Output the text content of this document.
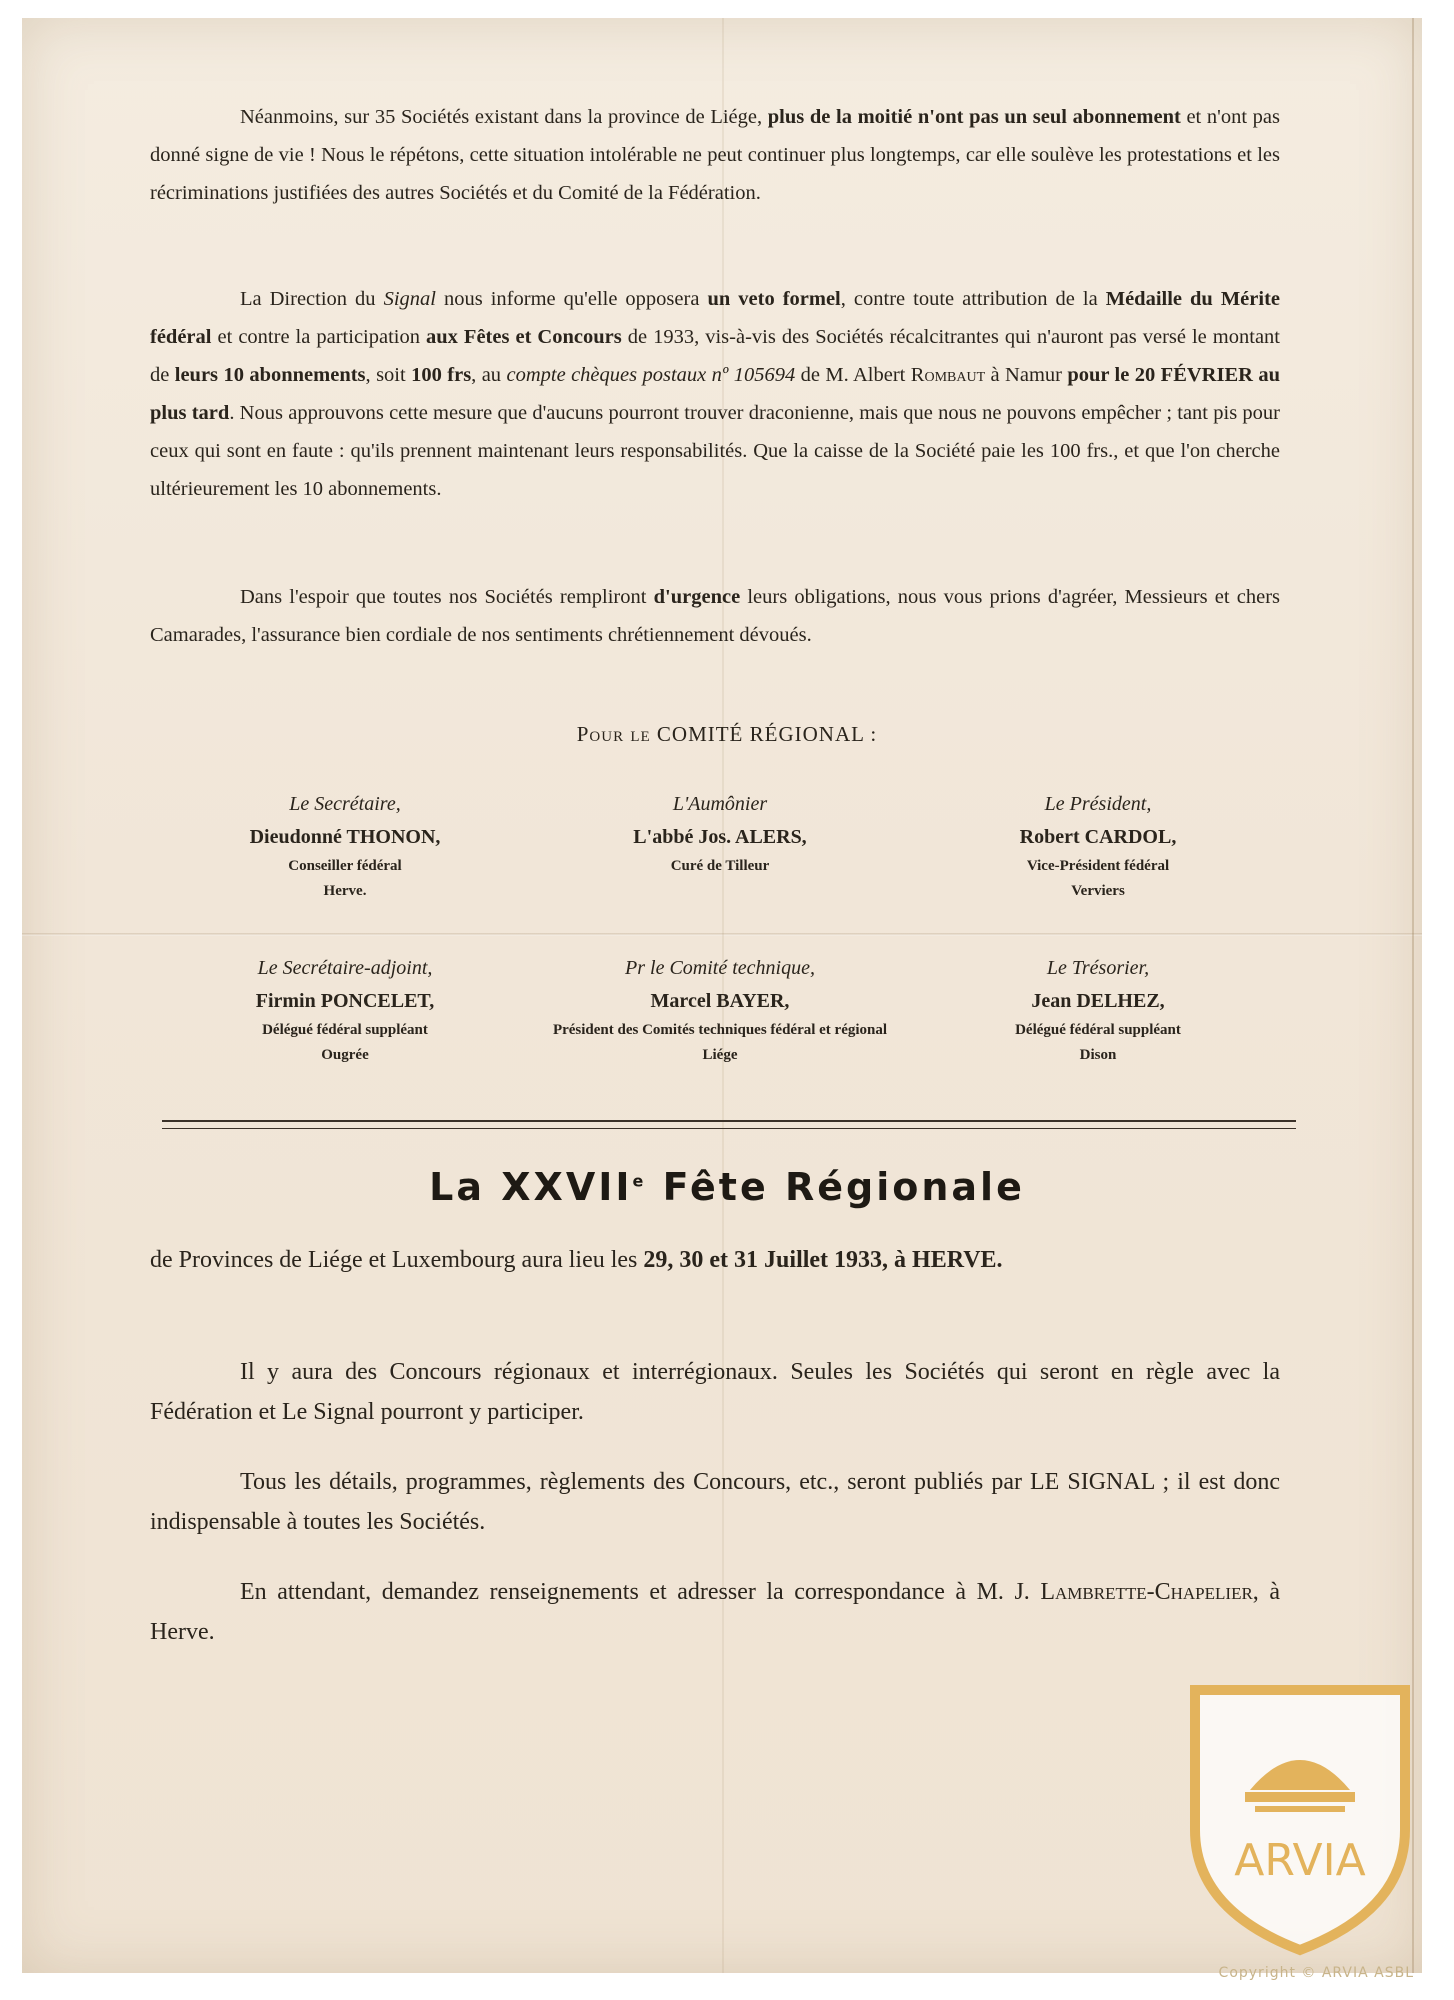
Néanmoins, sur 35 Sociétés existant dans la province de Liége, plus de la moitié n'ont pas un seul abonnement et n'ont pas donné signe de vie ! Nous le répétons, cette situation intolérable ne peut continuer plus longtemps, car elle soulève les protestations et les récriminations justifiées des autres Sociétés et du Comité de la Fédération.

La Direction du Signal nous informe qu'elle opposera un veto formel, contre toute attribution de la Médaille du Mérite fédéral et contre la participation aux Fêtes et Concours de 1933, vis-à-vis des Sociétés récalcitrantes qui n'auront pas versé le montant de leurs 10 abonnements, soit 100 frs, au compte chèques postaux nº 105694 de M. Albert Rombaut à Namur pour le 20 FÉVRIER au plus tard. Nous approuvons cette mesure que d'aucuns pourront trouver draconienne, mais que nous ne pouvons empêcher ; tant pis pour ceux qui sont en faute : qu'ils prennent maintenant leurs responsabilités. Que la caisse de la Société paie les 100 frs., et que l'on cherche ultérieurement les 10 abonnements.

Dans l'espoir que toutes nos Sociétés rempliront d'urgence leurs obligations, nous vous prions d'agréer, Messieurs et chers Camarades, l'assurance bien cordiale de nos sentiments chrétiennement dévoués.

Pour le COMITÉ RÉGIONAL :
Le Secrétaire,
Dieudonné THONON,
Conseiller fédéral
Herve.
L'Aumônier
L'abbé Jos. ALERS,
Curé de Tilleur
Le Président,
Robert CARDOL,
Vice-Président fédéral
Verviers
Le Secrétaire-adjoint,
Firmin PONCELET,
Délégué fédéral suppléant
Ougrée
Pr le Comité technique,
Marcel BAYER,
Président des Comités techniques fédéral et régional
Liége
Le Trésorier,
Jean DELHEZ,
Délégué fédéral suppléant
Dison
La XXVIIe Fête Régionale

de Provinces de Liége et Luxembourg aura lieu les 29, 30 et 31 Juillet 1933, à HERVE.

Il y aura des Concours régionaux et interrégionaux. Seules les Sociétés qui seront en règle avec la Fédération et Le Signal pourront y participer.

Tous les détails, programmes, règlements des Concours, etc., seront publiés par LE SIGNAL ; il est donc indispensable à toutes les Sociétés.

En attendant, demandez renseignements et adresser la correspondance à M. J. Lambrette-Chapelier, à Herve.

ARVIA
Copyright © ARVIA ASBL
